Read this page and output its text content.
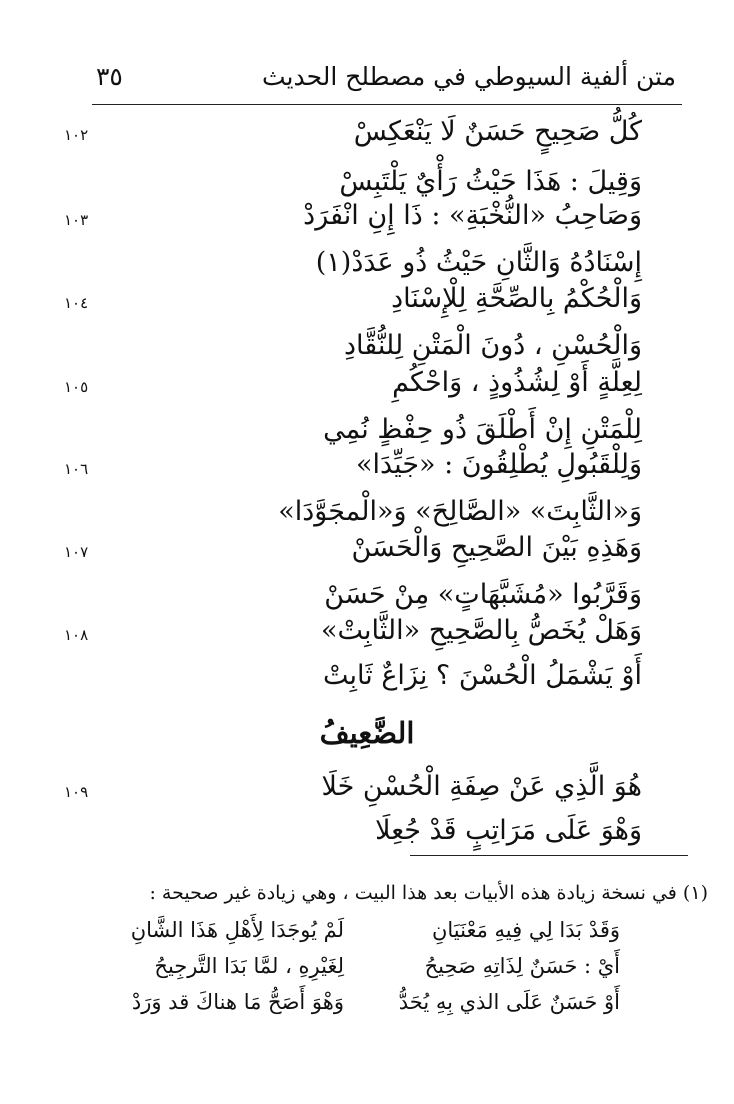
متن ألفية السيوطي في مصطلح الحديث
٣٥
١٠٢	كُلُّ صَحِيحٍ حَسَنٌ لَا يَنْعَكِسْ
وَقِيلَ : هَذَا حَيْثُ رَأْيٌ يَلْتَبِسْ
١٠٣	وَصَاحِبُ «النُّخْبَةِ» : ذَا إِنِ انْفَرَدْ
إِسْنَادُهُ وَالثَّانِ حَيْثُ ذُو عَدَدْ(١)
١٠٤	وَالْحُكْمُ بِالصِّحَّةِ لِلْإِسْنَادِ
وَالْحُسْنِ ، دُونَ الْمَتْنِ لِلنُّقَّادِ
١٠٥	لِعِلَّةٍ أَوْ لِشُذُوذٍ ، وَاحْكُمِ
لِلْمَتْنِ إِنْ أَطْلَقَ ذُو حِفْظٍ نُمِي
١٠٦	وَلِلْقَبُولِ يُطْلِقُونَ : «جَيِّدَا»
وَ«الثَّابِتَ» «الصَّالِحَ» وَ«الْمجَوَّدَا»
١٠٧	وَهَذِهِ بَيْنَ الصَّحِيحِ وَالْحَسَنْ
وَقَرَّبُوا «مُشَبَّهَاتٍ» مِنْ حَسَنْ
١٠٨	وَهَلْ يُخَصُّ بِالصَّحِيحِ «الثَّابِتْ»
أَوْ يَشْمَلُ الْحُسْنَ ؟ نِزَاعٌ ثَابِتْ
الضَّعِيفُ
١٠٩	هُوَ الَّذِي عَنْ صِفَةِ الْحُسْنِ خَلَا
وَهْوَ عَلَى مَرَاتِبٍ قَدْ جُعِلَا
(١) في نسخة زيادة هذه الأبيات بعد هذا البيت ، وهي زيادة غير صحيحة :
وَقَدْ بَدَا لِي فِيهِ مَعْنَيَانِ
لَمْ يُوجَدَا لِأَهْلِ هَذَا الشَّانِ
أَيْ : حَسَنٌ لِذَاتِهِ صَحِيحُ
لِغَيْرِهِ ، لمَّا بَدَا التَّرجِيحُ
أَوْ حَسَنٌ عَلَى الذي بِهِ يُحَدُّ
وَهْوَ أَصَحُّ مَا هناكَ قد وَرَدْ
